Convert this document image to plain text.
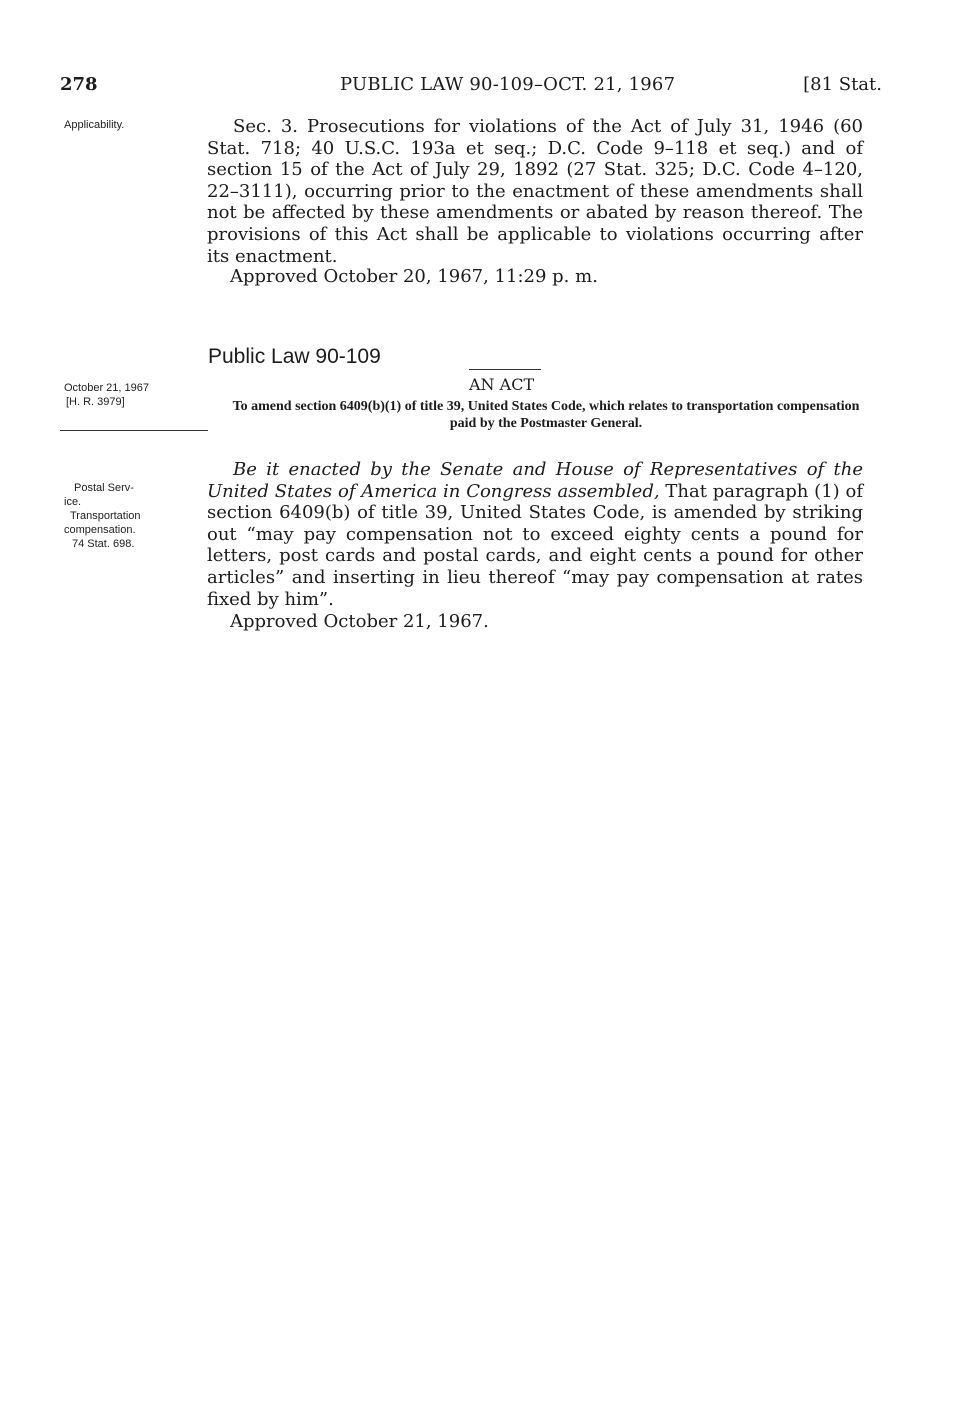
278	PUBLIC LAW 90-109–OCT. 21, 1967	[81 Stat.
Applicability.	Sec. 3. Prosecutions for violations of the Act of July 31, 1946 (60 Stat. 718; 40 U.S.C. 193a et seq.; D.C. Code 9–118 et seq.) and of section 15 of the Act of July 29, 1892 (27 Stat. 325; D.C. Code 4–120, 22–3111), occurring prior to the enactment of these amendments shall not be affected by these amendments or abated by reason thereof. The provisions of this Act shall be applicable to violations occurring after its enactment.

Approved October 20, 1967, 11:29 p. m.
Public Law 90-109
AN ACT
October 21, 1967
[H. R. 3979]	To amend section 6409(b)(1) of title 39, United States Code, which relates to transportation compensation paid by the Postmaster General.
Postal Serv-
ice.
Transportation
compensation.
74 Stat. 698.

Be it enacted by the Senate and House of Representatives of the United States of America in Congress assembled, That paragraph (1) of section 6409(b) of title 39, United States Code, is amended by striking out “may pay compensation not to exceed eighty cents a pound for letters, post cards and postal cards, and eight cents a pound for other articles” and inserting in lieu thereof “may pay compensation at rates fixed by him”.

Approved October 21, 1967.
